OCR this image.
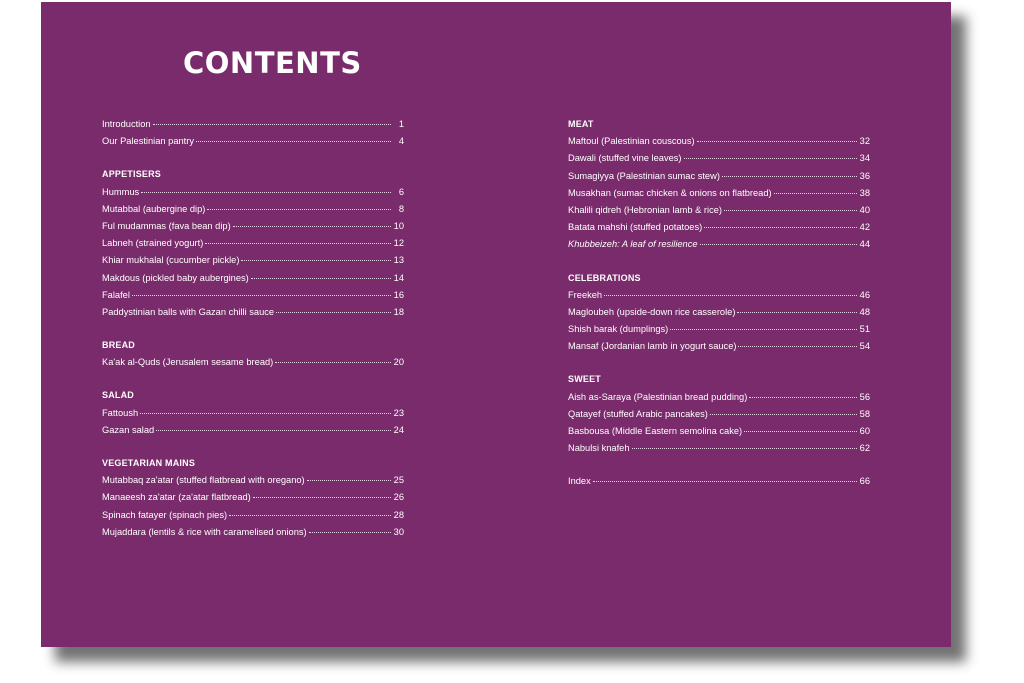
CONTENTS
Introduction	1
Our Palestinian pantry	4
APPETISERS
Hummus	6
Mutabbal (aubergine dip)	8
Ful mudammas (fava bean dip)	10
Labneh (strained yogurt)	12
Khiar mukhalal (cucumber pickle)	13
Makdous (pickled baby aubergines)	14
Falafel	16
Paddystinian balls with Gazan chilli sauce	18
BREAD
Ka'ak al-Quds (Jerusalem sesame bread)	20
SALAD
Fattoush	23
Gazan salad	24
VEGETARIAN MAINS
Mutabbaq za'atar (stuffed flatbread with oregano)	25
Manaeesh za'atar (za'atar flatbread)	26
Spinach fatayer (spinach pies)	28
Mujaddara (lentils & rice with caramelised onions)	30
MEAT
Maftoul (Palestinian couscous)	32
Dawali (stuffed vine leaves)	34
Sumagiyya (Palestinian sumac stew)	36
Musakhan (sumac chicken & onions on flatbread)	38
Khalili qidreh (Hebronian lamb & rice)	40
Batata mahshi (stuffed potatoes)	42
Khubbeizeh: A leaf of resilience	44
CELEBRATIONS
Freekeh	46
Magloubeh (upside-down rice casserole)	48
Shish barak (dumplings)	51
Mansaf (Jordanian lamb in yogurt sauce)	54
SWEET
Aish as-Saraya (Palestinian bread pudding)	56
Qatayef (stuffed Arabic pancakes)	58
Basbousa (Middle Eastern semolina cake)	60
Nabulsi knafeh	62
Index	66
